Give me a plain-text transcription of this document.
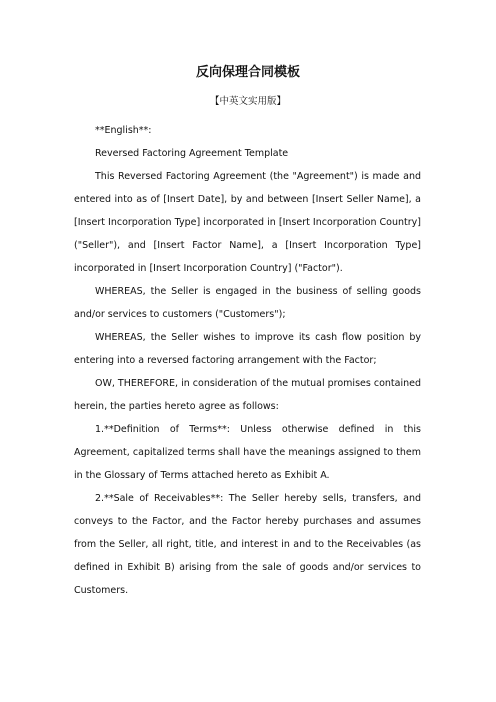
反向保理合同模板
【中英文实用版】

**English**:

Reversed Factoring Agreement Template

This Reversed Factoring Agreement (the "Agreement") is made and entered into as of [Insert Date], by and between [Insert Seller Name], a [Insert Incorporation Type] incorporated in [Insert Incorporation Country] ("Seller"), and [Insert Factor Name], a [Insert Incorporation Type] incorporated in [Insert Incorporation Country] ("Factor").

WHEREAS, the Seller is engaged in the business of selling goods and/or services to customers ("Customers");

WHEREAS, the Seller wishes to improve its cash flow position by entering into a reversed factoring arrangement with the Factor;

OW, THEREFORE, in consideration of the mutual promises contained herein, the parties hereto agree as follows:

1.**Definition of Terms**: Unless otherwise defined in this Agreement, capitalized terms shall have the meanings assigned to them in the Glossary of Terms attached hereto as Exhibit A.

2.**Sale of Receivables**: The Seller hereby sells, transfers, and conveys to the Factor, and the Factor hereby purchases and assumes from the Seller, all right, title, and interest in and to the Receivables (as defined in Exhibit B) arising from the sale of goods and/or services to Customers.
